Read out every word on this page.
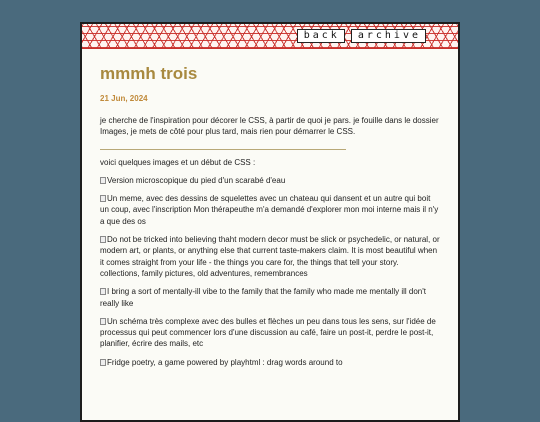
back	archive
mmmh trois
21 Jun, 2024
je cherche de l'inspiration pour décorer le CSS, à partir de quoi je pars. je fouille dans le dossier Images, je mets de côté pour plus tard, mais rien pour démarrer le CSS.
voici quelques images et un début de CSS :
Version microscopique du pied d'un scarabé d'eau
Un meme, avec des dessins de squelettes avec un chateau qui dansent et un autre qui boit un coup, avec l'inscription Mon thérapeuthe m'a demandé d'explorer mon moi interne mais il n'y a que des os
Do not be tricked into believing thaht modern decor must be slick or psychedelic, or natural, or modern art, or plants, or anything else that current taste-makers claim. It is most beautiful when it comes straight from your life - the things you care for, the things that tell your story. collections, family pictures, old adventures, remembrances
I bring a sort of mentally-ill vibe to the family that the family who made me mentally ill don't really like
Un schéma très complexe avec des bulles et flèches un peu dans tous les sens, sur l'idée de processus qui peut commencer lors d'une discussion au café, faire un post-it, perdre le post-it, planifier, écrire des mails, etc
Fridge poetry, a game powered by playhtml : drag words around to
